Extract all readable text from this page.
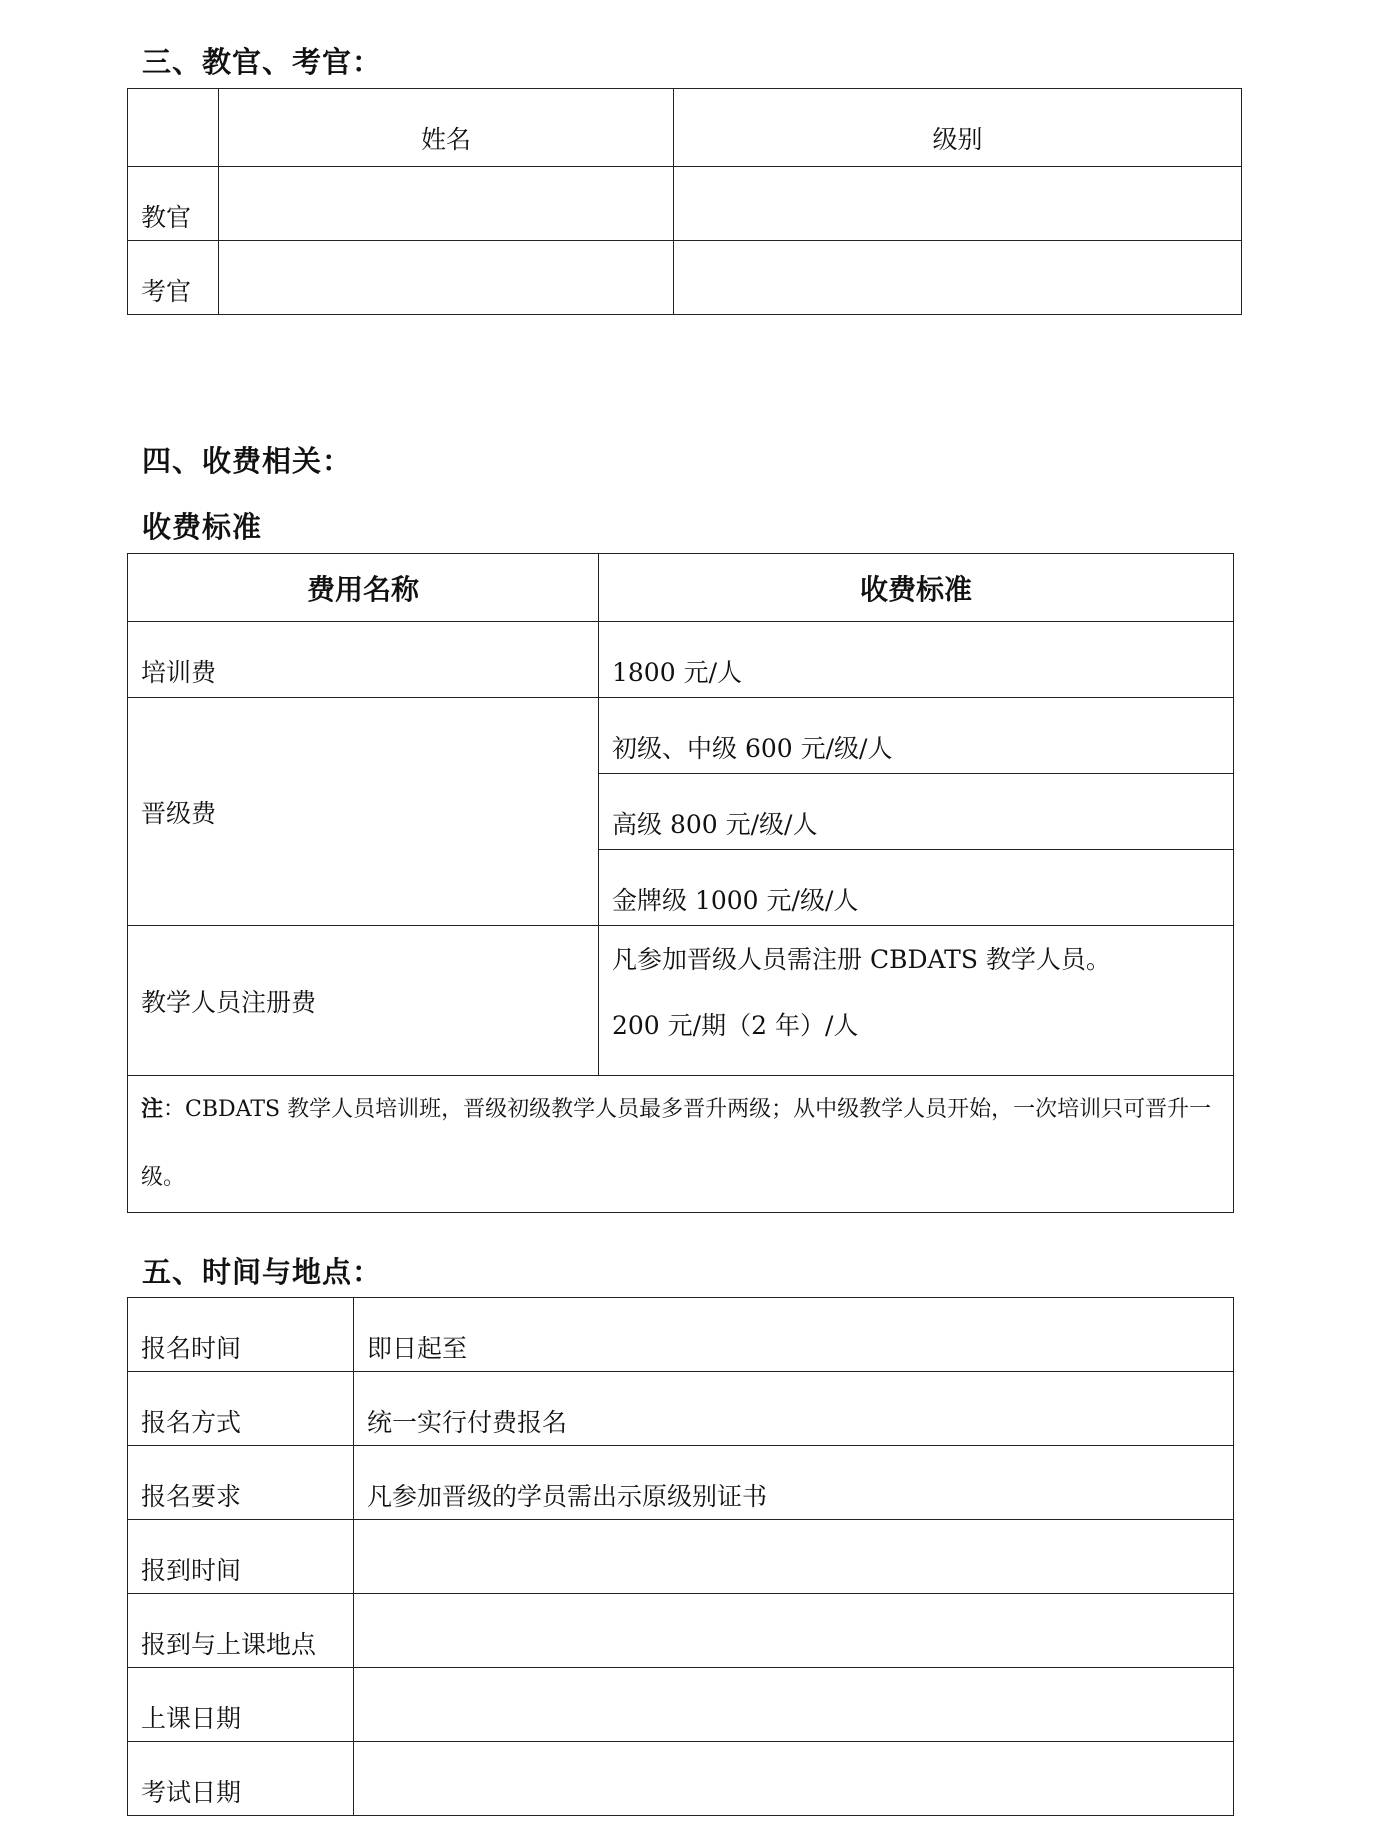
三、教官、考官：
	姓名	级别
教官		
考官		
四、收费相关：
收费标准
费用名称	收费标准
培训费	1800 元/人
晋级费	初级、中级 600 元/级/人
	高级 800 元/级/人
	金牌级 1000 元/级/人
教学人员注册费	凡参加晋级人员需注册 CBDATS 教学人员。
200 元/期（2 年）/人

注：CBDATS 教学人员培训班，晋级初级教学人员最多晋升两级；从中级教学人员开始，一次培训只可晋升一级。	
五、时间与地点：
报名时间	即日起至
报名方式	统一实行付费报名
报名要求	凡参加晋级的学员需出示原级别证书
报到时间	
报到与上课地点	
上课日期	
考试日期	
